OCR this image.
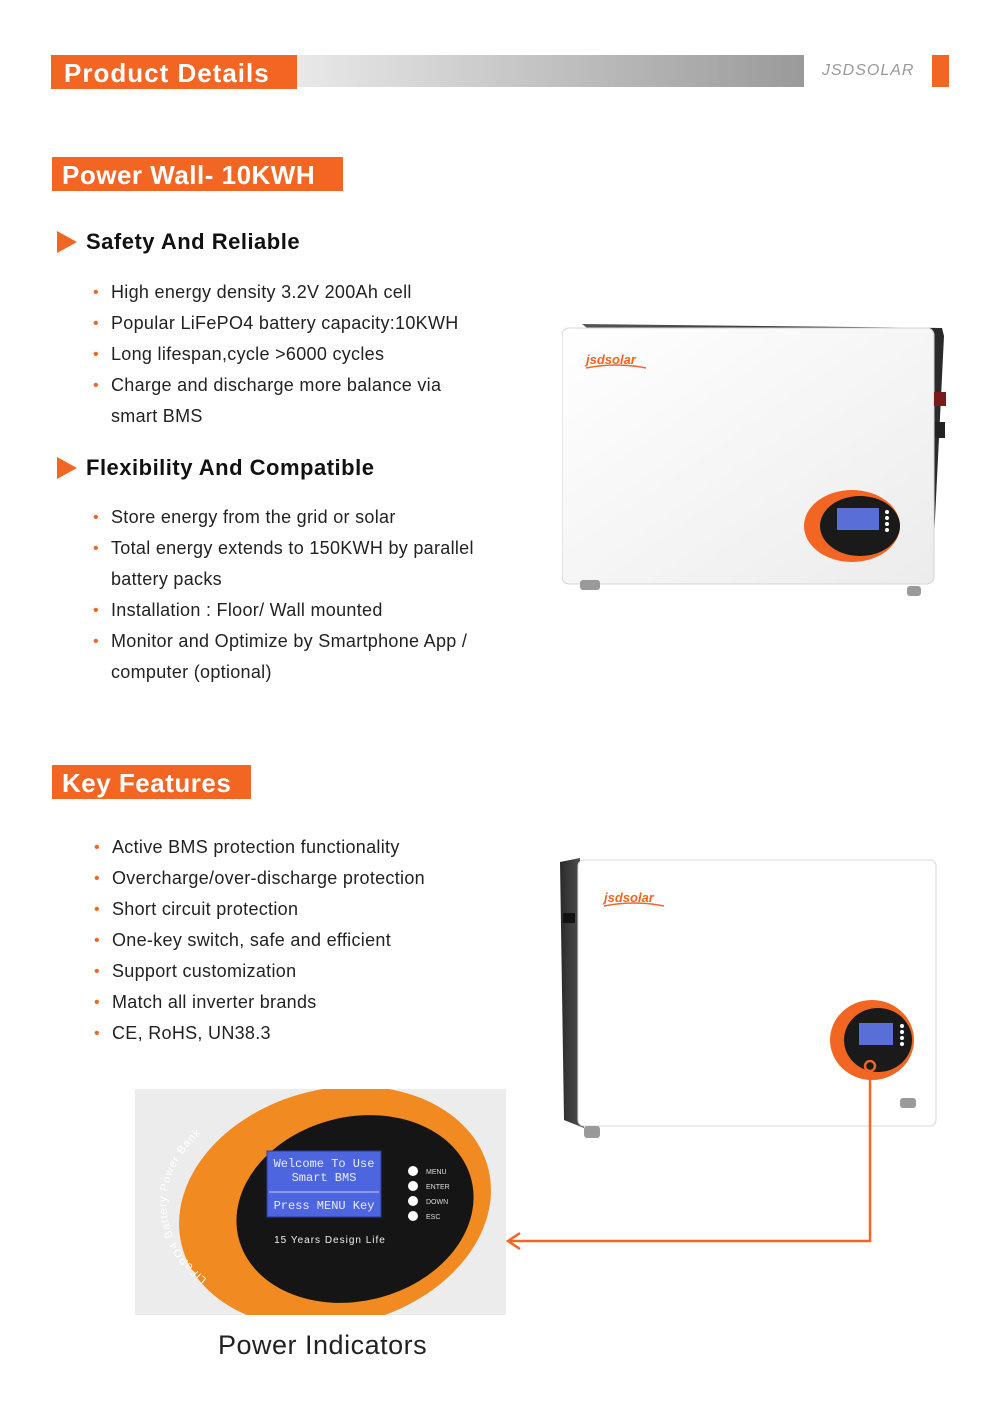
Product Details	JSDSOLAR
Power Wall- 10KWH
Safety And Reliable
• High energy density 3.2V 200Ah cell
• Popular LiFePO4 battery capacity:10KWH
• Long lifespan,cycle >6000 cycles
• Charge and discharge more balance via smart BMS
Flexibility And Compatible
• Store energy from the grid or solar
• Total energy extends to 150KWH by parallel battery packs
• Installation : Floor/ Wall mounted
• Monitor and Optimize by Smartphone App / computer (optional)
jsdsolar
Key Features
• Active BMS protection functionality
• Overcharge/over-discharge protection
• Short circuit protection
• One-key switch, safe and efficient
• Support customization
• Match all inverter brands
• CE, RoHS, UN38.3
jsdsolar
LiFePO4 Battery Power Bank
Welcome To Use
Smart BMS
Press MENU Key
MENU
ENTER
DOWN
ESC
15 Years Design Life
Power Indicators
